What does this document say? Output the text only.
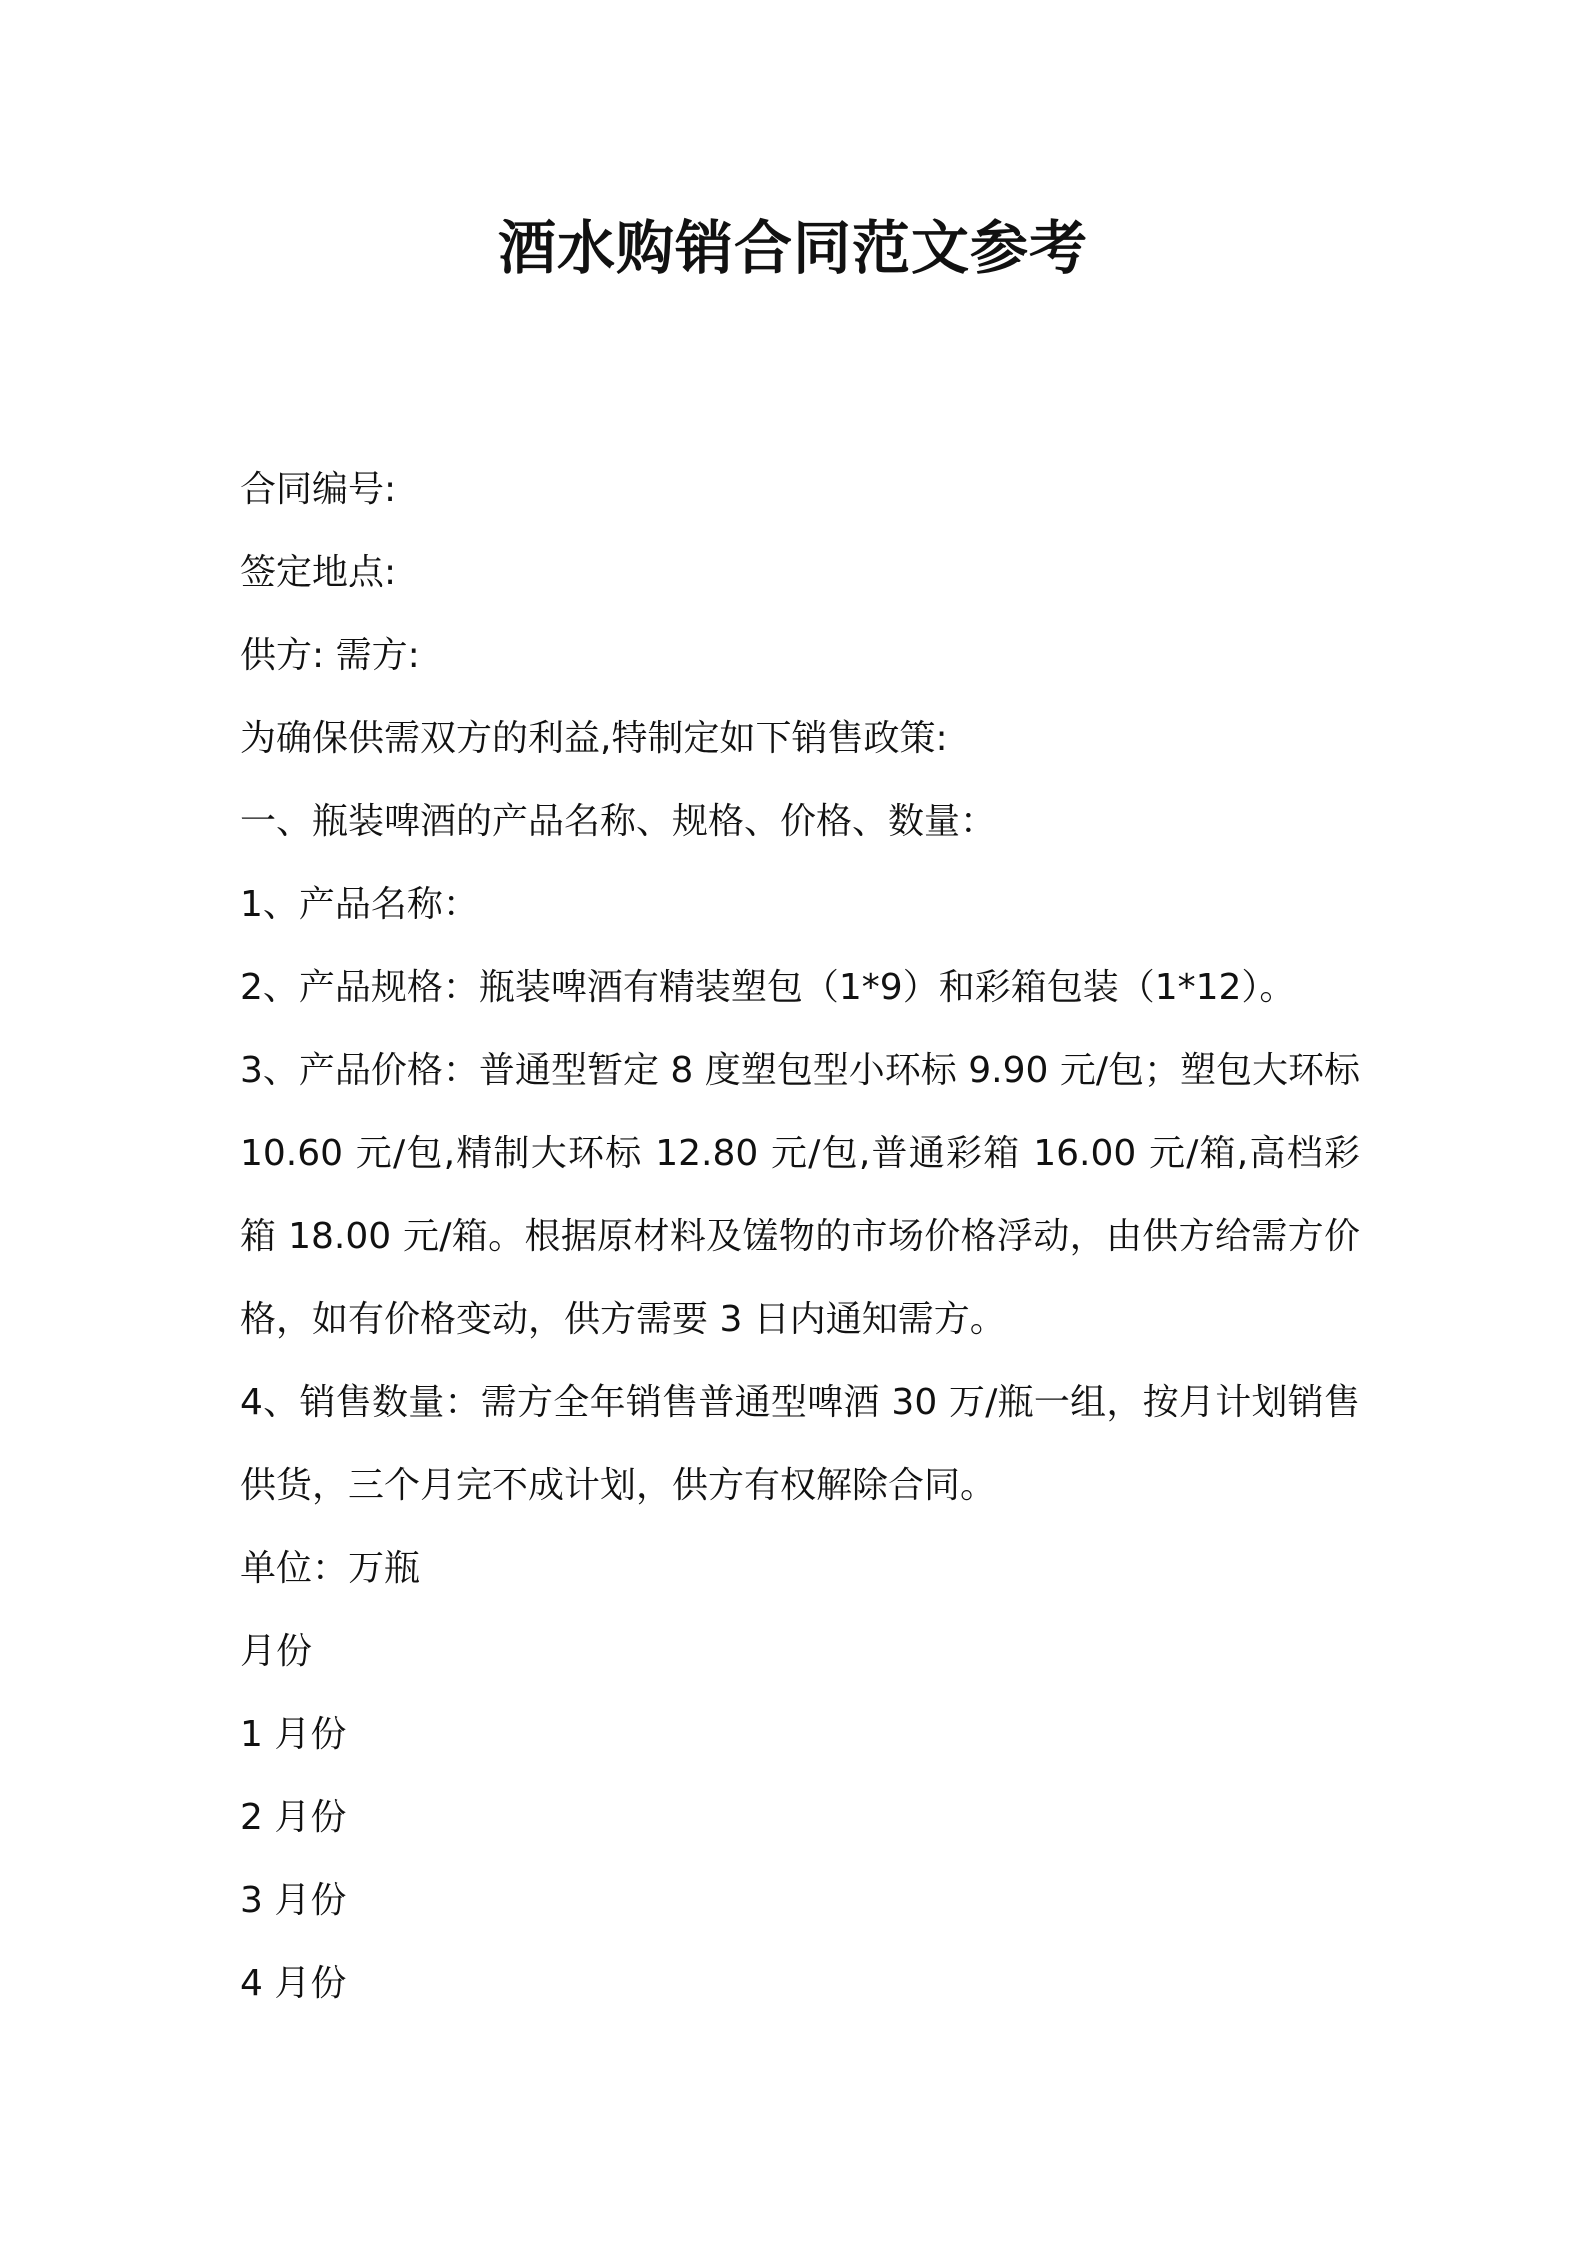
酒水购销合同范文参考

合同编号:

签定地点:

供方: 需方:

为确保供需双方的利益,特制定如下销售政策:

一、瓶装啤酒的产品名称、规格、价格、数量：

1、产品名称：

2、产品规格：瓶装啤酒有精装塑包（1*9）和彩箱包装（1*12）。

3、产品价格：普通型暂定 8 度塑包型小环标 9.90 元/包；塑包大环标 10.60 元/包,精制大环标 12.80 元/包,普通彩箱 16.00 元/箱,高档彩箱 18.00 元/箱。根据原材料及馐物的市场价格浮动，由供方给需方价格，如有价格变动，供方需要 3 日内通知需方。

4、销售数量：需方全年销售普通型啤酒 30 万/瓶一组，按月计划销售供货，三个月完不成计划，供方有权解除合同。

单位：万瓶

月份

1 月份

2 月份

3 月份

4 月份
